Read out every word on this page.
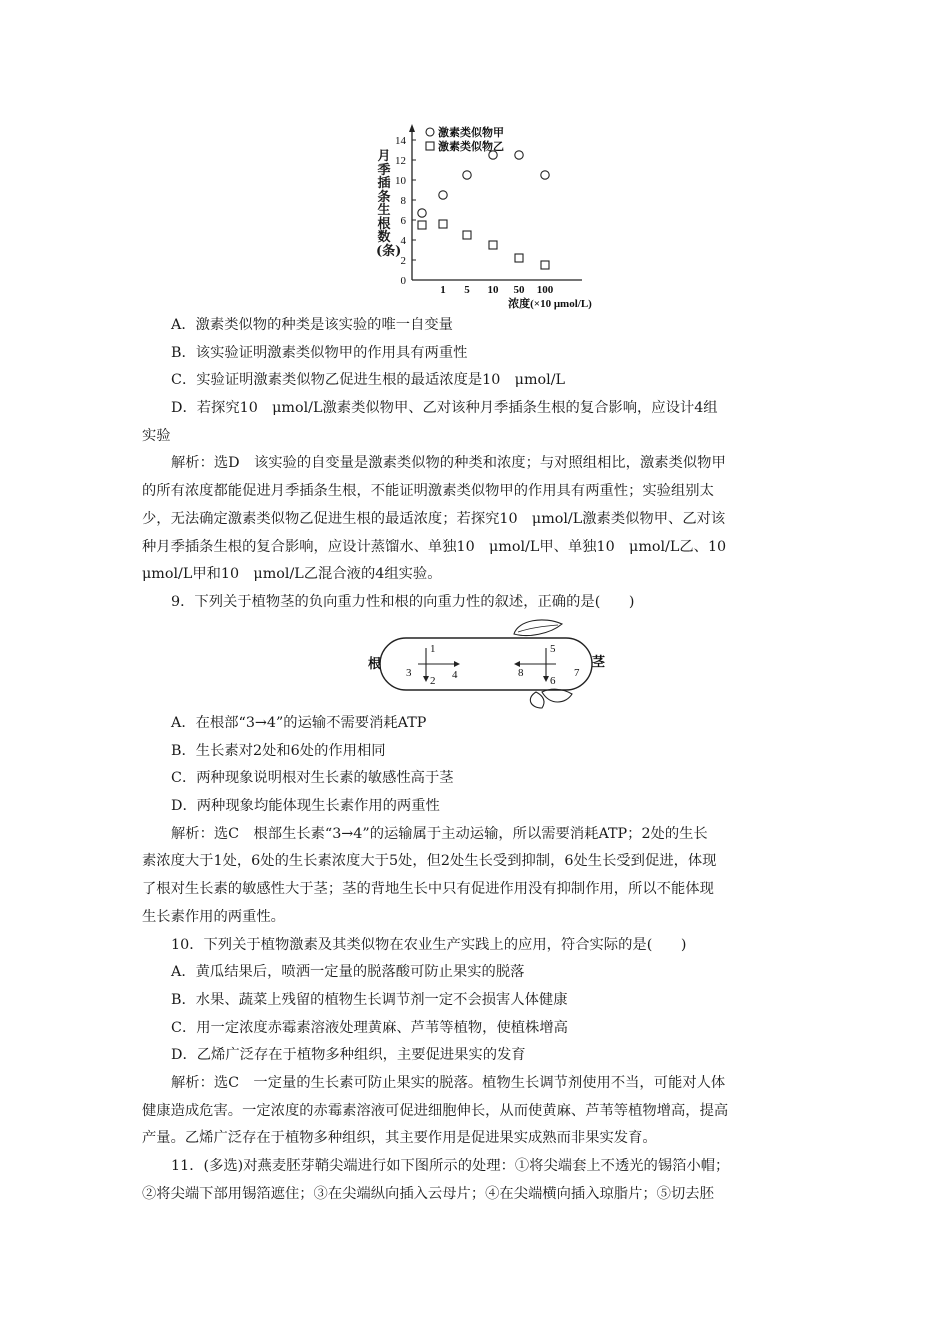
月季插条生根数(条)
0
2
4
6
8
10
12
14
1 5 10 50 100
浓度(×10 μmol/L)
激素类似物甲
激素类似物乙
A．激素类似物的种类是该实验的唯一自变量
B．该实验证明激素类似物甲的作用具有两重性
C．实验证明激素类似物乙促进生根的最适浓度是10　μmol/L
D．若探究10　μmol/L激素类似物甲、乙对该种月季插条生根的复合影响，应设计4组
实验
解析：选D　该实验的自变量是激素类似物的种类和浓度；与对照组相比，激素类似物甲
的所有浓度都能促进月季插条生根，不能证明激素类似物甲的作用具有两重性；实验组别太
少，无法确定激素类似物乙促进生根的最适浓度；若探究10　μmol/L激素类似物甲、乙对该
种月季插条生根的复合影响，应设计蒸馏水、单独10　μmol/L甲、单独10　μmol/L乙、10
μmol/L甲和10　μmol/L乙混合液的4组实验。
9．下列关于植物茎的负向重力性和根的向重力性的叙述，正确的是(　　)
根
1
2
3	4
5
6
7
8
茎
A．在根部“3→4”的运输不需要消耗ATP
B．生长素对2处和6处的作用相同
C．两种现象说明根对生长素的敏感性高于茎
D．两种现象均能体现生长素作用的两重性
解析：选C　根部生长素“3→4”的运输属于主动运输，所以需要消耗ATP；2处的生长
素浓度大于1处，6处的生长素浓度大于5处，但2处生长受到抑制，6处生长受到促进，体现
了根对生长素的敏感性大于茎；茎的背地生长中只有促进作用没有抑制作用，所以不能体现
生长素作用的两重性。
10．下列关于植物激素及其类似物在农业生产实践上的应用，符合实际的是(　　)
A．黄瓜结果后，喷洒一定量的脱落酸可防止果实的脱落
B．水果、蔬菜上残留的植物生长调节剂一定不会损害人体健康
C．用一定浓度赤霉素溶液处理黄麻、芦苇等植物，使植株增高
D．乙烯广泛存在于植物多种组织，主要促进果实的发育
解析：选C　一定量的生长素可防止果实的脱落。植物生长调节剂使用不当，可能对人体
健康造成危害。一定浓度的赤霉素溶液可促进细胞伸长，从而使黄麻、芦苇等植物增高，提高
产量。乙烯广泛存在于植物多种组织，其主要作用是促进果实成熟而非果实发育。
11．(多选)对燕麦胚芽鞘尖端进行如下图所示的处理：①将尖端套上不透光的锡箔小帽；
②将尖端下部用锡箔遮住；③在尖端纵向插入云母片；④在尖端横向插入琼脂片；⑤切去胚
